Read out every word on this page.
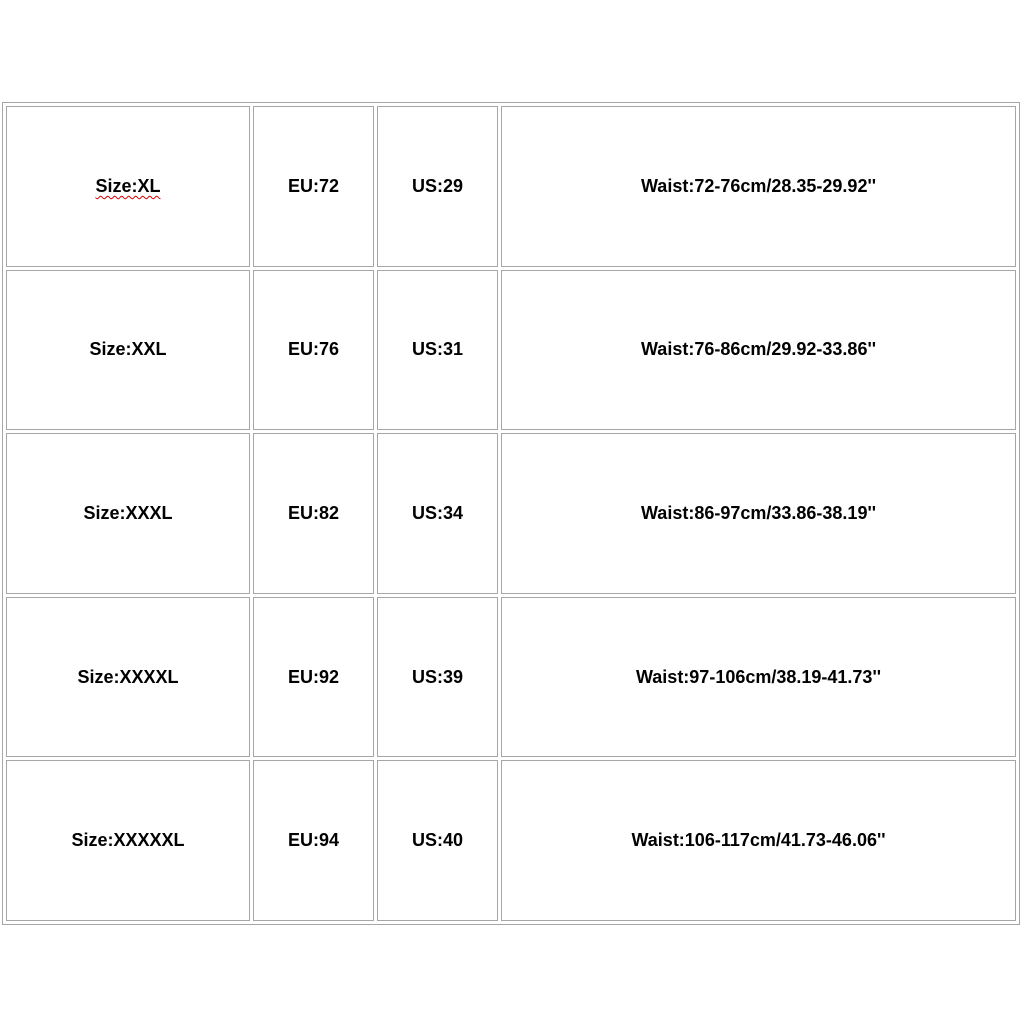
Size:XL	EU:72	US:29	Waist:72-76cm/28.35-29.92''
Size:XXL	EU:76	US:31	Waist:76-86cm/29.92-33.86''
Size:XXXL	EU:82	US:34	Waist:86-97cm/33.86-38.19''
Size:XXXXL	EU:92	US:39	Waist:97-106cm/38.19-41.73''
Size:XXXXXL	EU:94	US:40	Waist:106-117cm/41.73-46.06''
